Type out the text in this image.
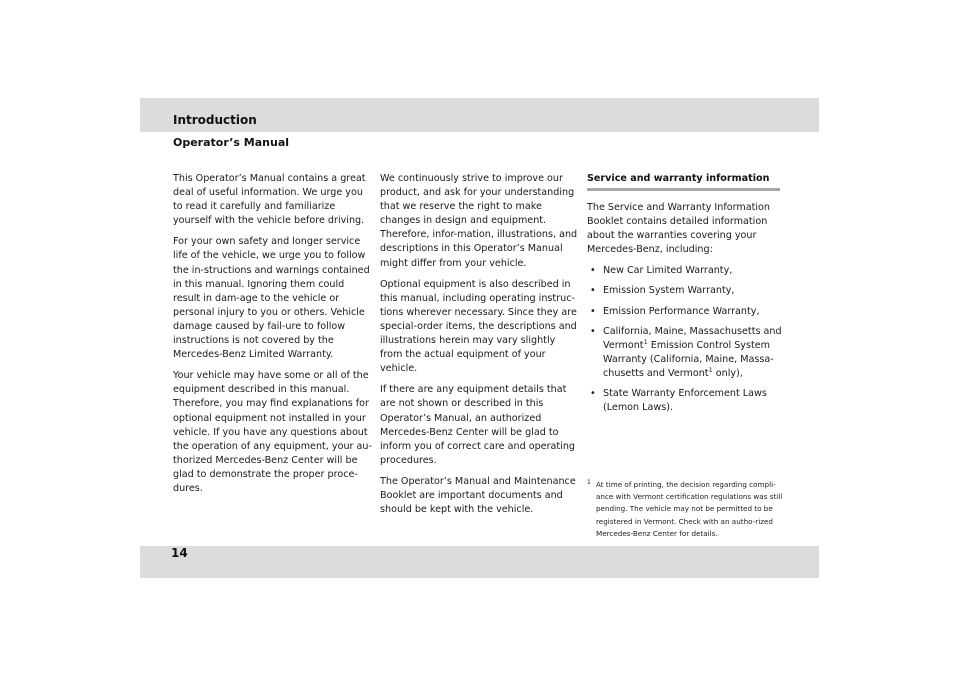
Introduction
Operator’s Manual

This Operator’s Manual contains a great deal of useful information. We urge you to read it carefully and familiarize yourself with the vehicle before driving.

For your own safety and longer service life of the vehicle, we urge you to follow the in-structions and warnings contained in this manual. Ignoring them could result in dam-age to the vehicle or personal injury to you or others. Vehicle damage caused by fail-ure to follow instructions is not covered by the Mercedes-Benz Limited Warranty.

Your vehicle may have some or all of the equipment described in this manual. Therefore, you may find explanations for optional equipment not installed in your vehicle. If you have any questions about the operation of any equipment, your au-thorized Mercedes-Benz Center will be glad to demonstrate the proper proce-dures.

We continuously strive to improve our product, and ask for your understanding that we reserve the right to make changes in design and equipment. Therefore, infor-mation, illustrations, and descriptions in this Operator’s Manual might differ from your vehicle.

Optional equipment is also described in this manual, including operating instruc-tions wherever necessary. Since they are special-order items, the descriptions and illustrations herein may vary slightly from the actual equipment of your vehicle.

If there are any equipment details that are not shown or described in this Operator’s Manual, an authorized Mercedes-Benz Center will be glad to inform you of correct care and operating procedures.

The Operator’s Manual and Maintenance Booklet are important documents and should be kept with the vehicle.

Service and warranty information

The Service and Warranty Information Booklet contains detailed information about the warranties covering your Mercedes-Benz, including:

• New Car Limited Warranty,
• Emission System Warranty,
• Emission Performance Warranty,
• California, Maine, Massachusetts and Vermont$^1$ Emission Control System Warranty (California, Maine, Massa-chusetts and Vermont$^1$ only),
• State Warranty Enforcement Laws (Lemon Laws).
1 At time of printing, the decision regarding compli-ance with Vermont certification regulations was still pending. The vehicle may not be permitted to be registered in Vermont. Check with an autho-rized Mercedes-Benz Center for details.
14
